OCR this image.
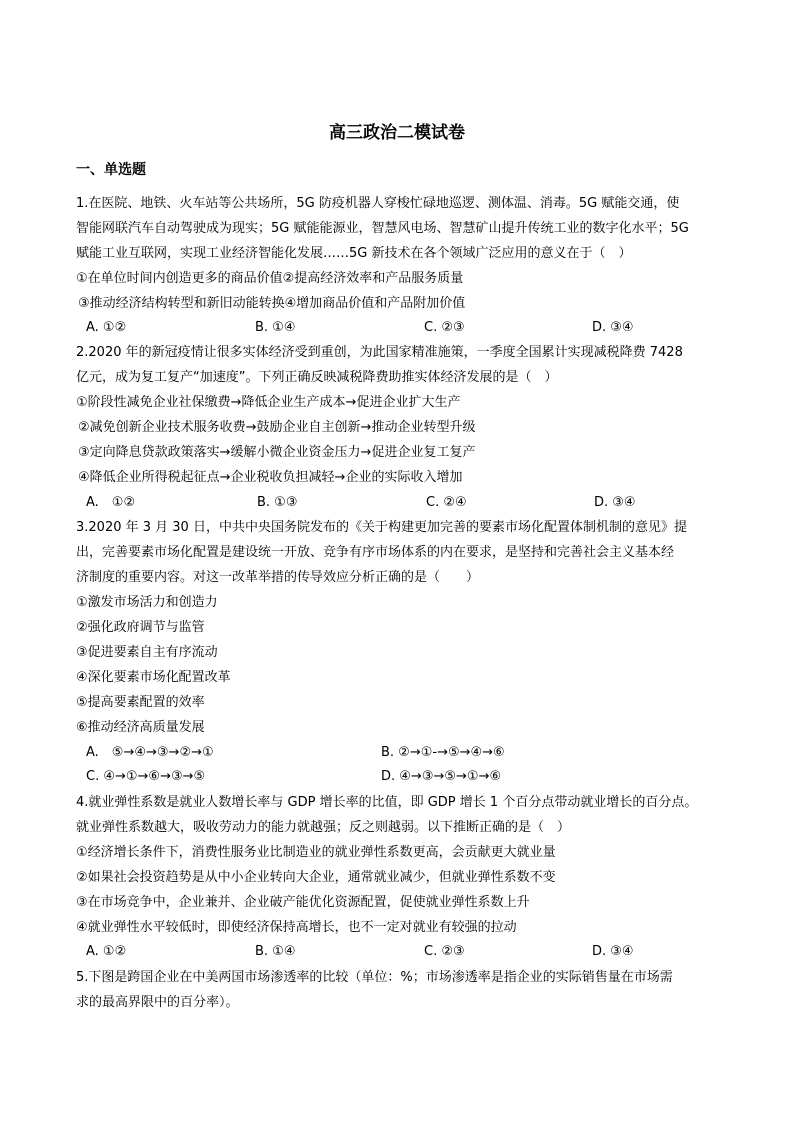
高三政治二模试卷
一、单选题
1.在医院、地铁、火车站等公共场所，5G 防疫机器人穿梭忙碌地巡逻、测体温、消毒。5G 赋能交通，使
智能网联汽车自动驾驶成为现实；5G 赋能能源业，智慧风电场、智慧矿山提升传统工业的数字化水平；5G
赋能工业互联网，实现工业经济智能化发展……5G 新技术在各个领域广泛应用的意义在于（　）
①在单位时间内创造更多的商品价值②提高经济效率和产品服务质量
③推动经济结构转型和新旧动能转换④增加商品价值和产品附加价值
A. ①②	B. ①④	C. ②③	D. ③④
2.2020 年的新冠疫情让很多实体经济受到重创，为此国家精准施策，一季度全国累计实现减税降费 7428
亿元，成为复工复产“加速度”。下列正确反映减税降费助推实体经济发展的是（　）
①阶段性减免企业社保缴费→降低企业生产成本→促进企业扩大生产
②减免创新企业技术服务收费→鼓励企业自主创新→推动企业转型升级
③定向降息贷款政策落实→缓解小微企业资金压力→促进企业复工复产
④降低企业所得税起征点→企业税收负担减轻→企业的实际收入增加
A.　①②	B. ①③	C. ②④	D. ③④
3.2020 年 3 月 30 日，中共中央国务院发布的《关于构建更加完善的要素市场化配置体制机制的意见》提
出，完善要素市场化配置是建设统一开放、竞争有序市场体系的内在要求，是坚持和完善社会主义基本经
济制度的重要内容。对这一改革举措的传导效应分析正确的是（　　）
①激发市场活力和创造力
②强化政府调节与监管
③促进要素自主有序流动
④深化要素市场化配置改革
⑤提高要素配置的效率
⑥推动经济高质量发展
A.　⑤→④→③→②→①	B. ②→①-→⑤→④→⑥
C. ④→①→⑥→③→⑤	D. ④→③→⑤→①→⑥
4.就业弹性系数是就业人数增长率与 GDP 增长率的比值，即 GDP 增长 1 个百分点带动就业增长的百分点。
就业弹性系数越大，吸收劳动力的能力就越强；反之则越弱。以下推断正确的是（　）
①经济增长条件下，消费性服务业比制造业的就业弹性系数更高，会贡献更大就业量
②如果社会投资趋势是从中小企业转向大企业，通常就业减少，但就业弹性系数不变
③在市场竞争中，企业兼并、企业破产能优化资源配置，促使就业弹性系数上升
④就业弹性水平较低时，即使经济保持高增长，也不一定对就业有较强的拉动
A. ①②	B. ①④	C. ②③	D. ③④
5.下图是跨国企业在中美两国市场渗透率的比较（单位：%；市场渗透率是指企业的实际销售量在市场需
求的最高界限中的百分率）。
